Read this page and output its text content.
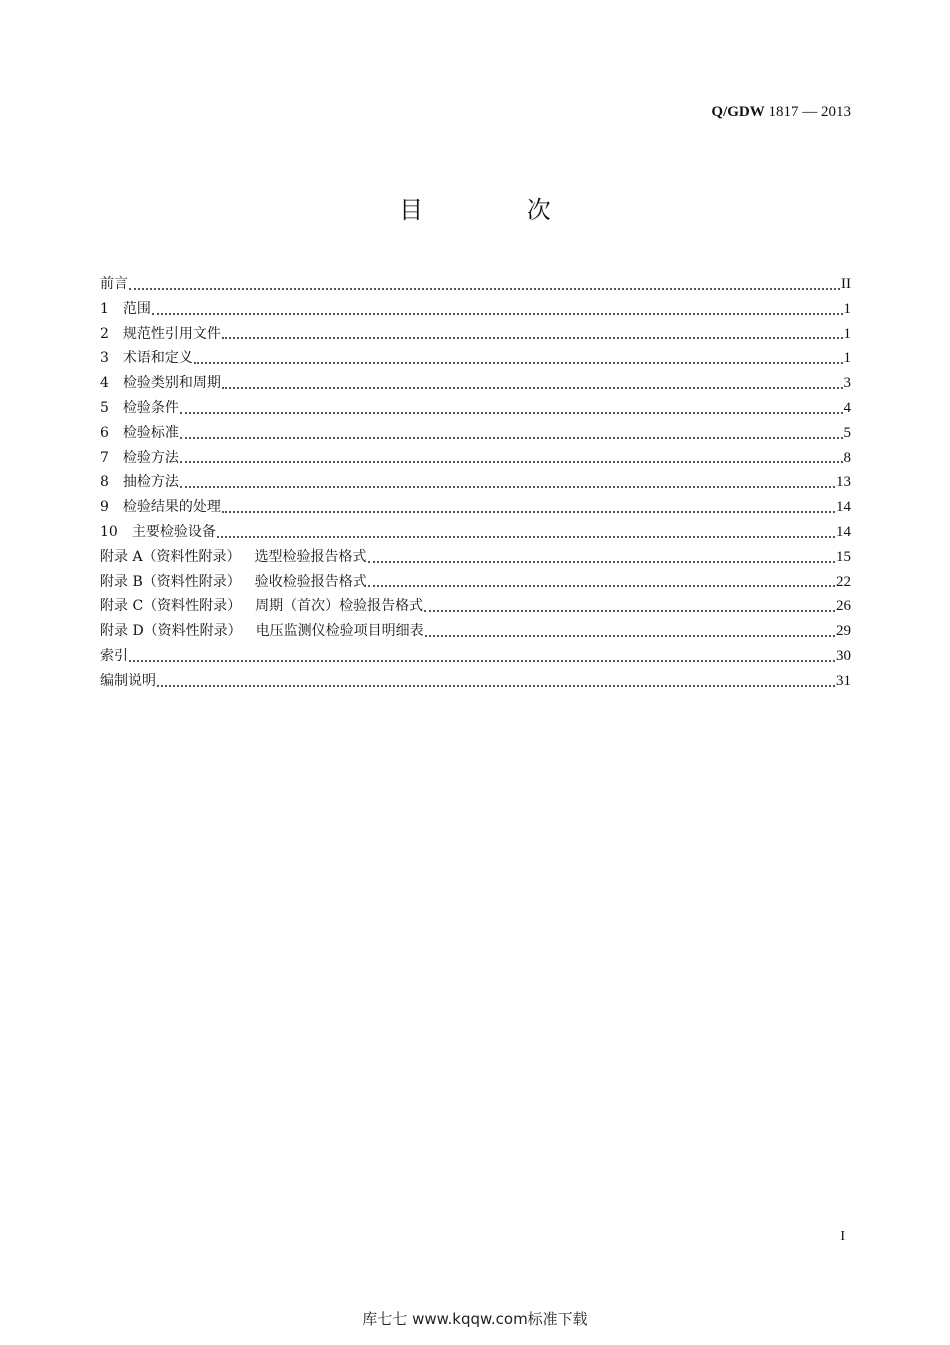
Q/GDW 1817 — 2013
目 次
前言	II
1 范围	1
2 规范性引用文件	1
3 术语和定义	1
4 检验类别和周期	3
5 检验条件	4
6 检验标准	5
7 检验方法	8
8 抽检方法	13
9 检验结果的处理	14
10 主要检验设备	14
附录 A（资料性附录） 选型检验报告格式	15
附录 B（资料性附录） 验收检验报告格式	22
附录 C（资料性附录） 周期（首次）检验报告格式	26
附录 D（资料性附录） 电压监测仪检验项目明细表	29
索引	30
编制说明	31
I
库七七 www.kqqw.com标准下载
